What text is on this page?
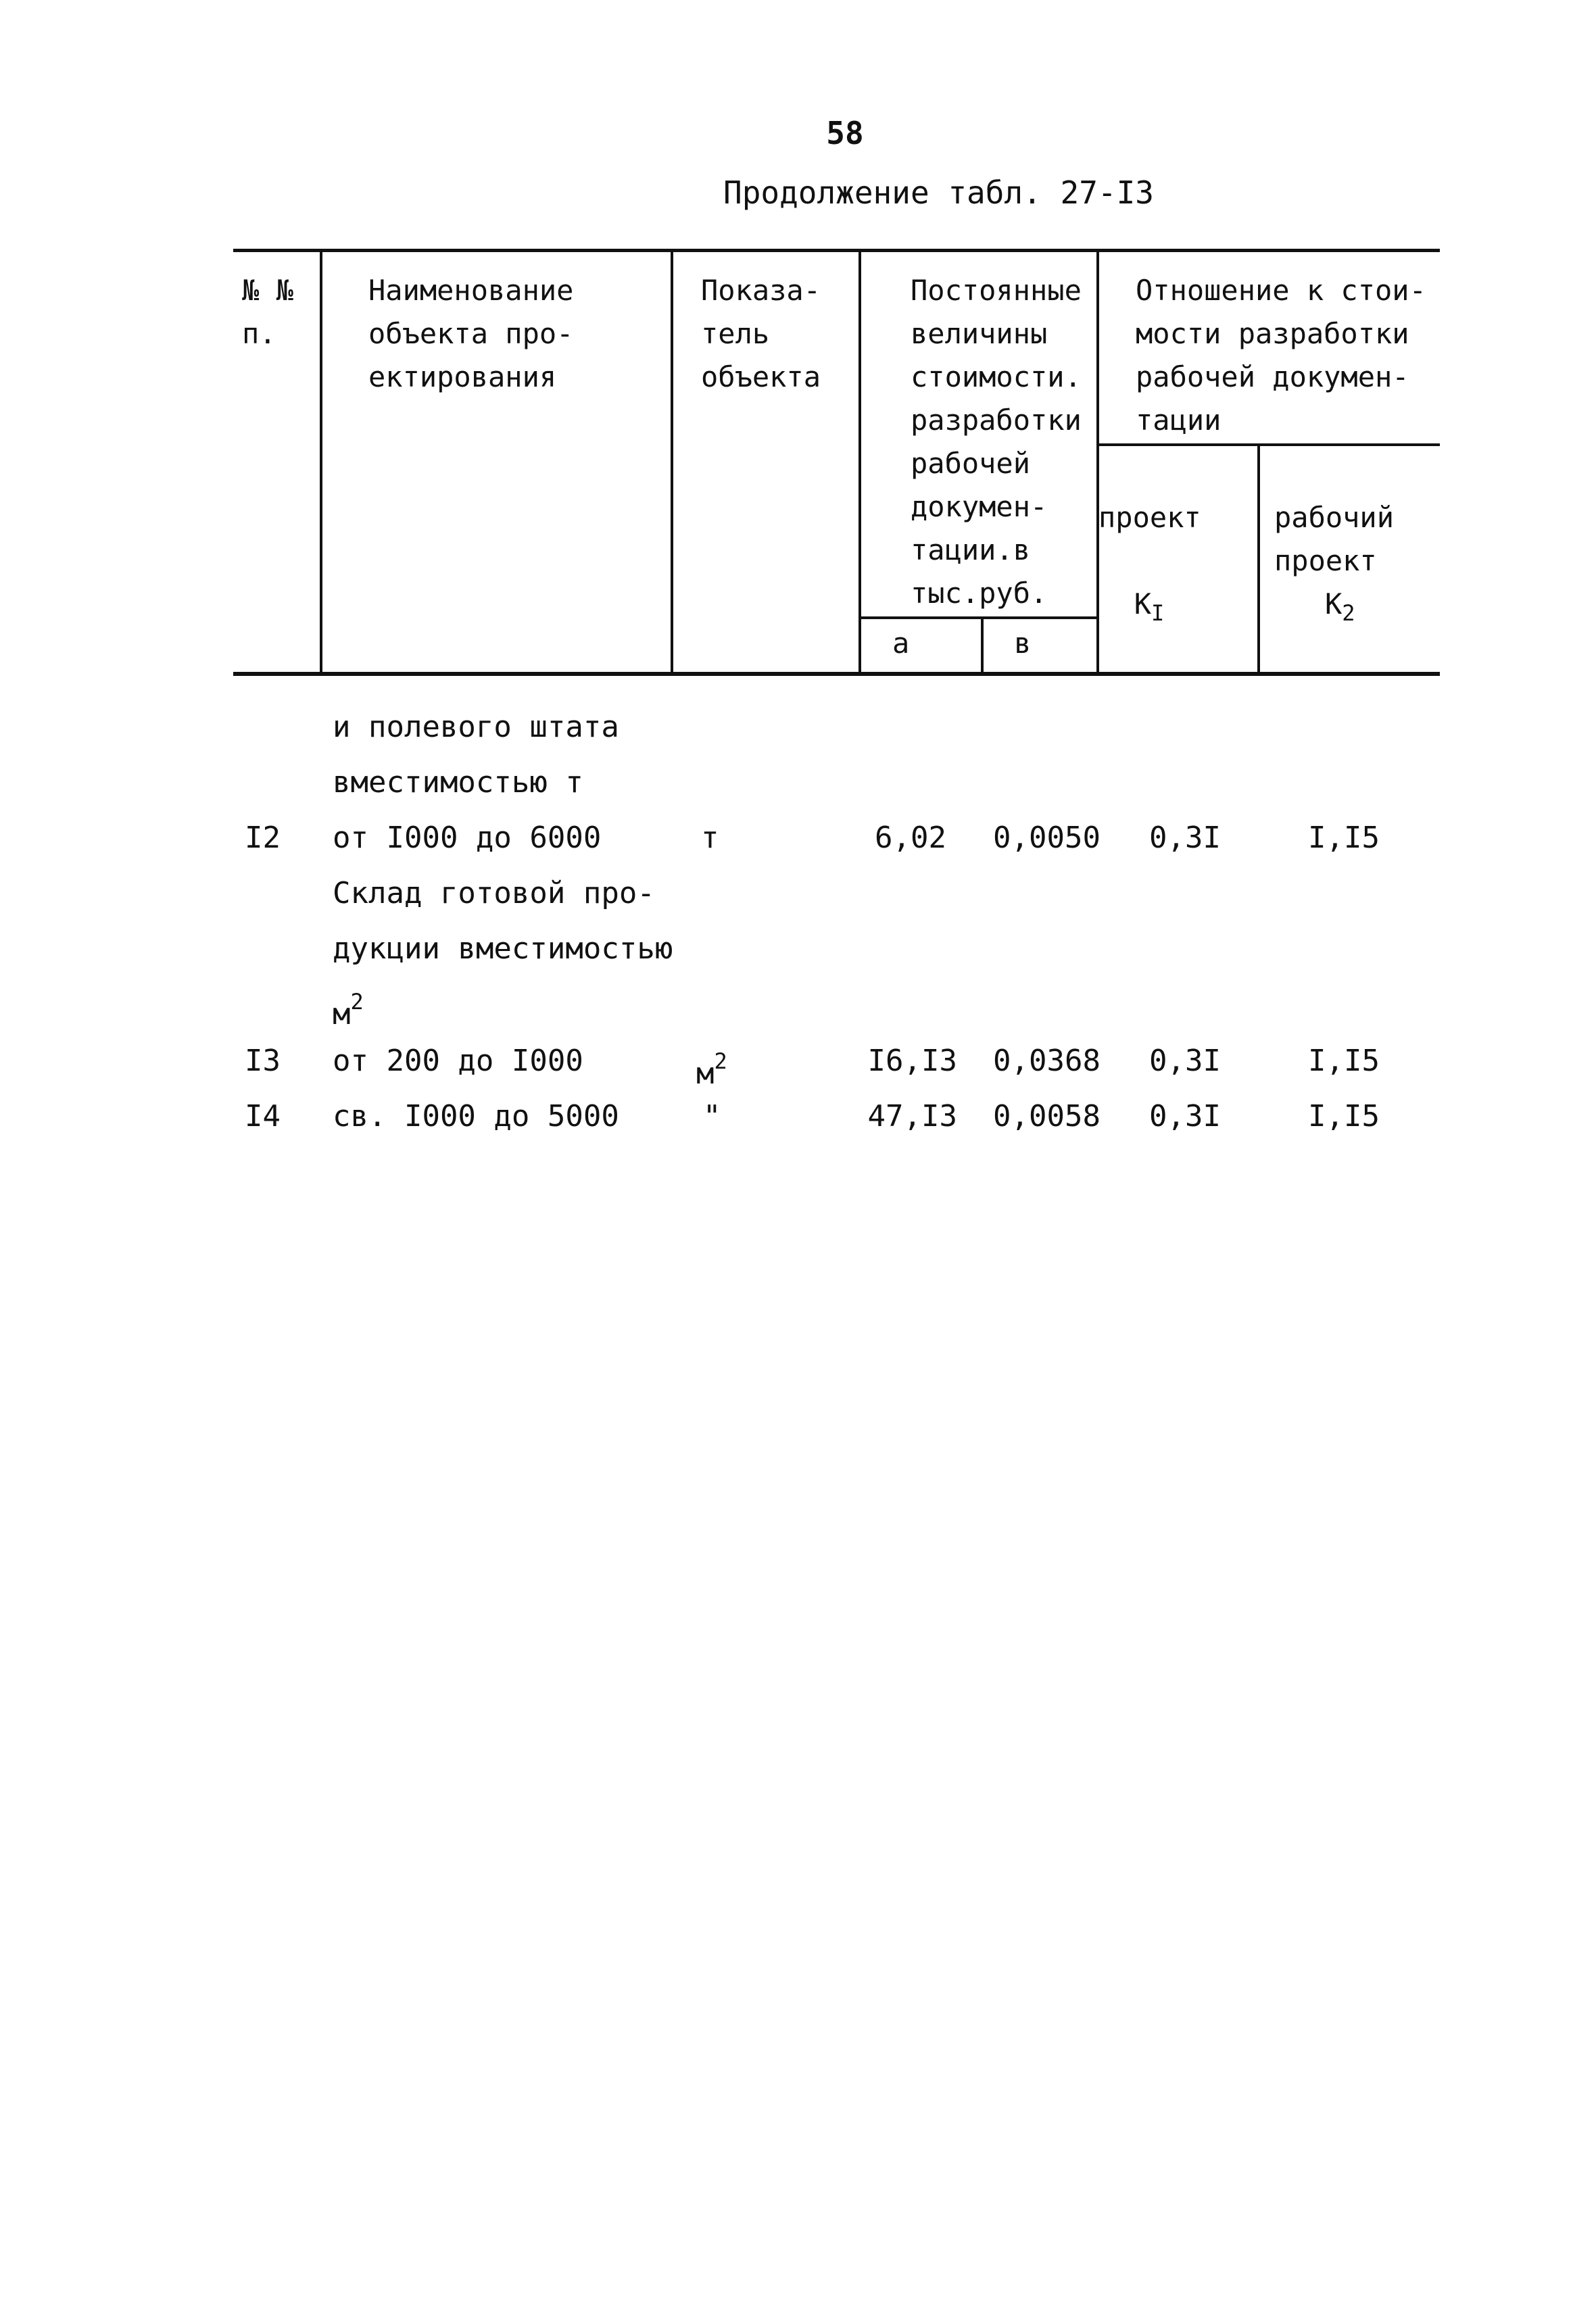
58
Продолжение табл. 27-I3
№ №
п.
Наименование
объекта про-
ектирования
Показа-
тель
объекта
Постоянные
величины
стоимости.
разработки
рабочей
докумен-
тации.в
тыс.руб.
а	в
Отношение к стои-
мости разработки
рабочей докумен-
тации

проект

$К_I$

рабочий
проект

$К_2$

и полевого штата
вместимостью т
I2 от I000 до 6000	т	6,02	0,0050 0,3I	I,I5
Склад готовой про-
дукции вместимостью
$м^2$
I3 от 200 до I000	$м^2$	I6,I3	0,0368 0,3I	I,I5
I4 св. I000 до 5000	"	47,I3	0,0058 0,3I	I,I5
